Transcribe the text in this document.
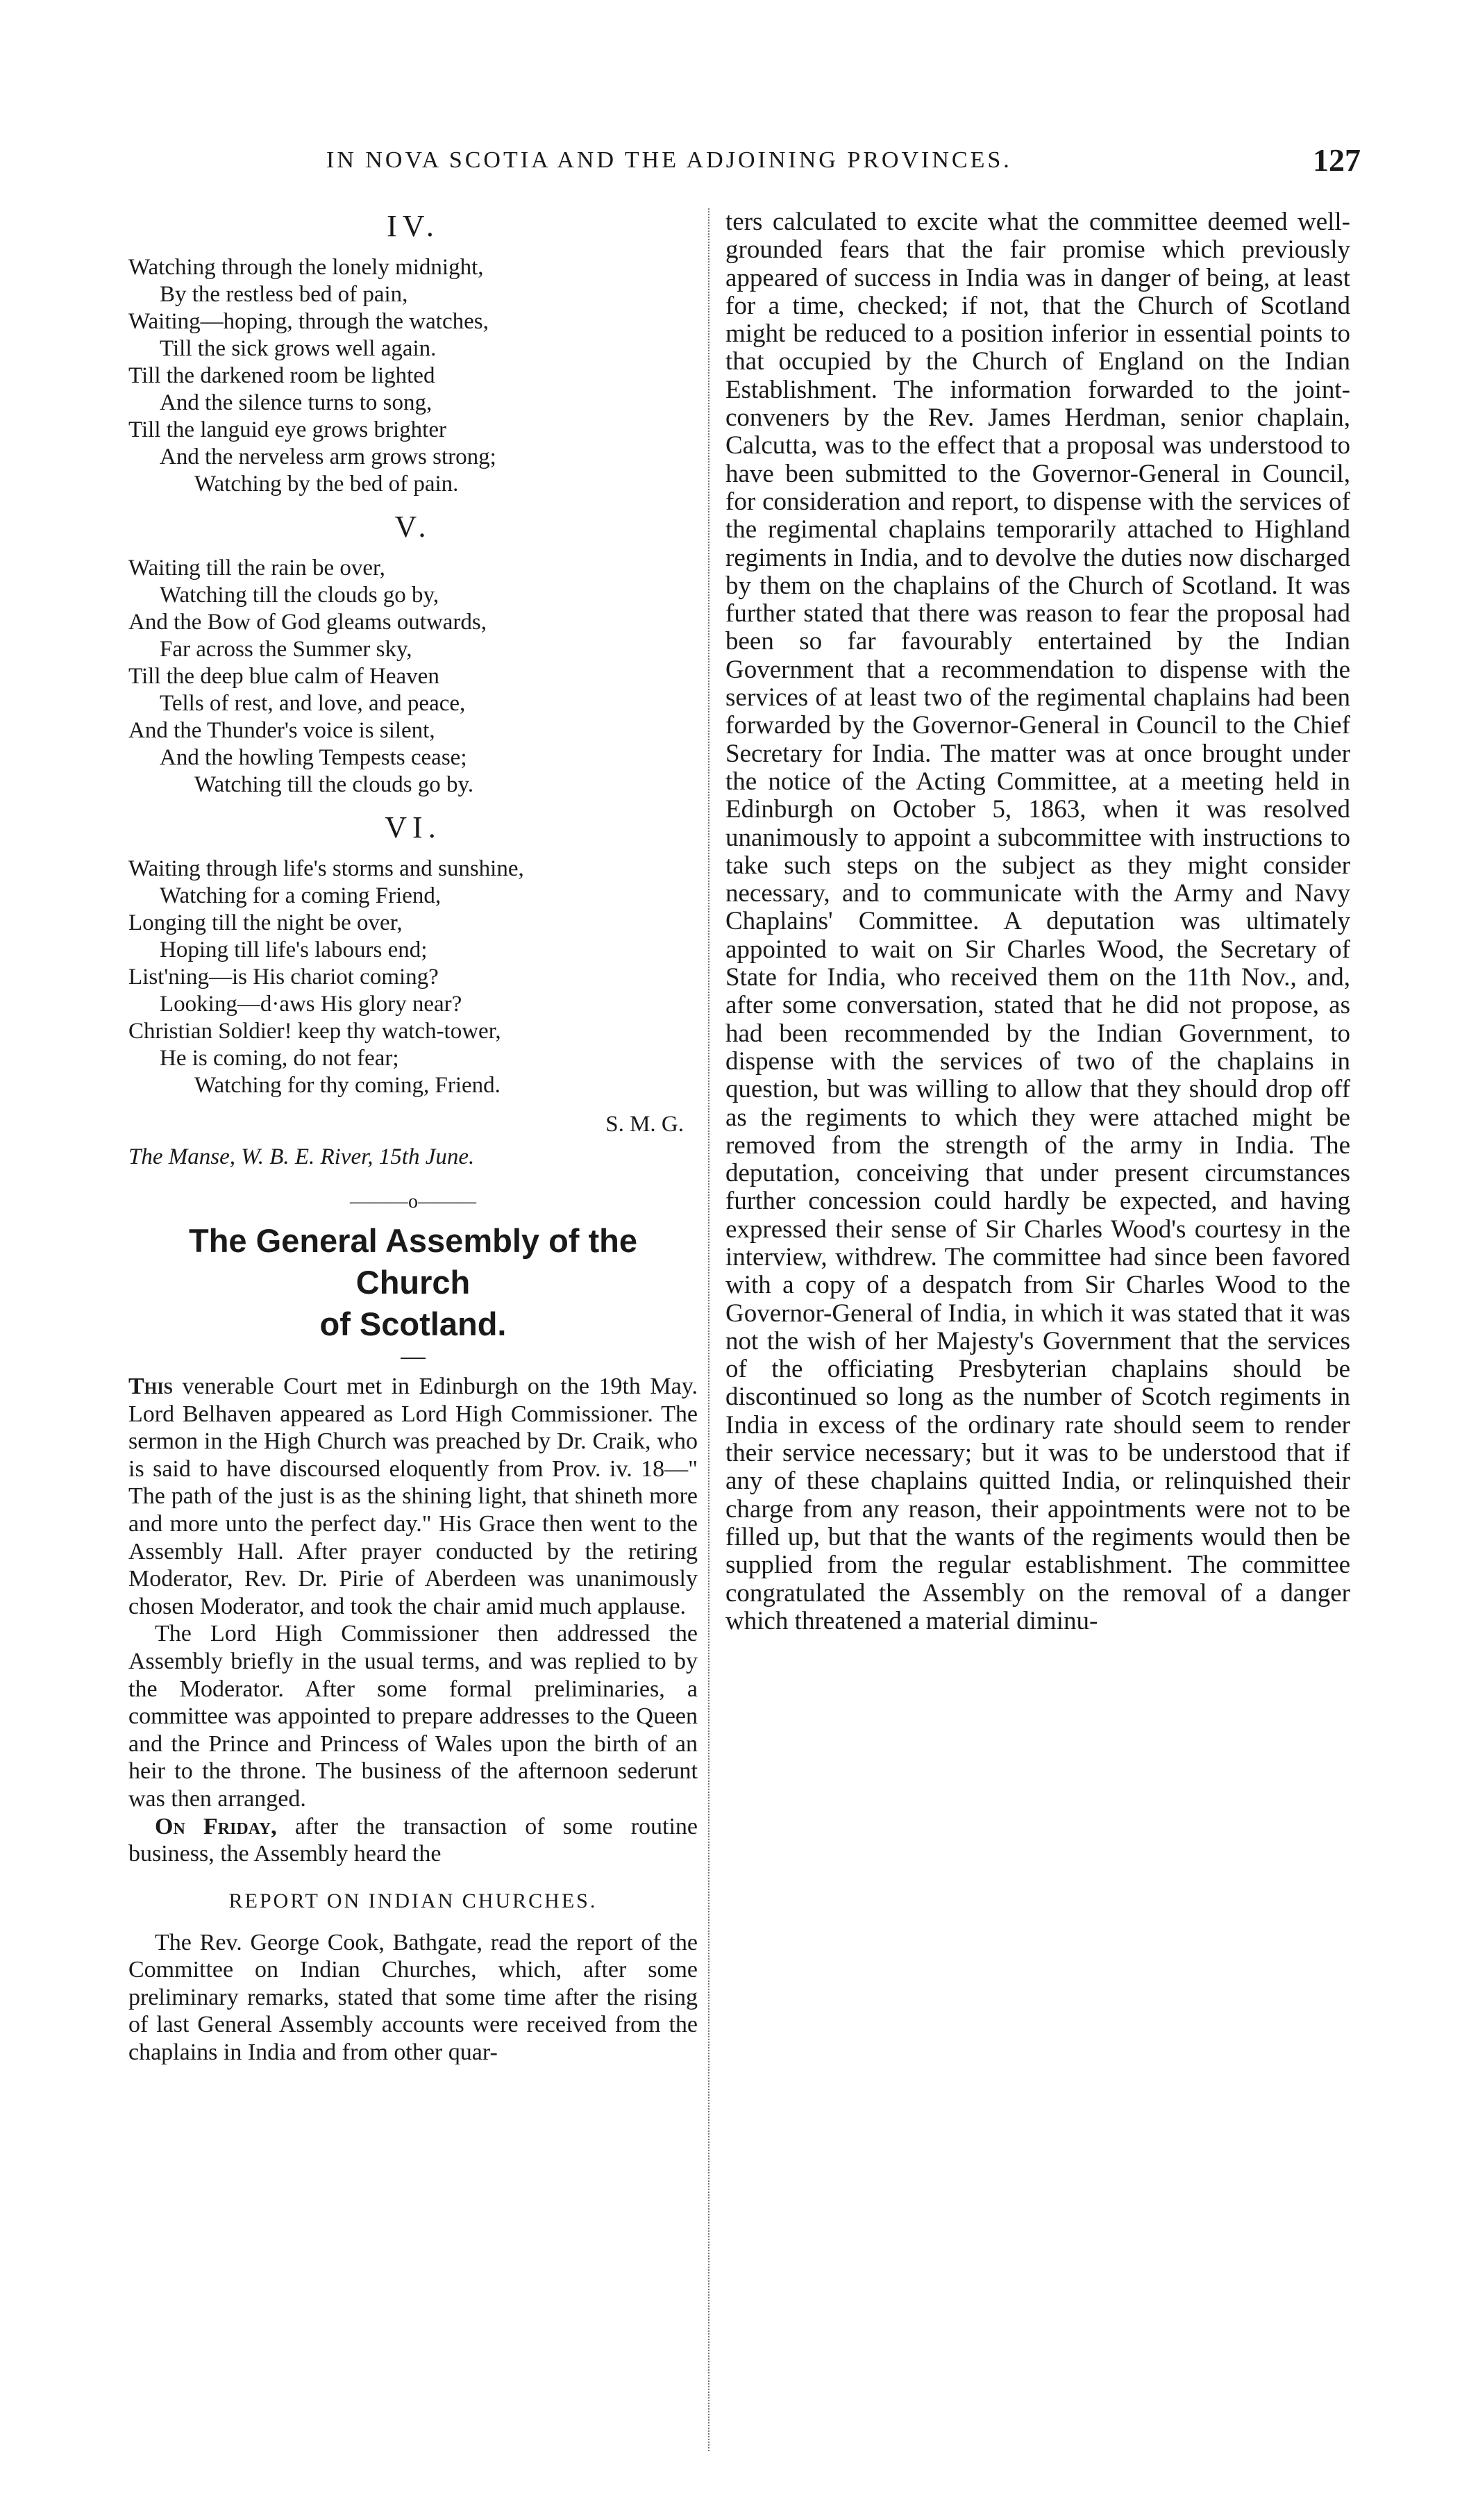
IN NOVA SCOTIA AND THE ADJOINING PROVINCES.	127
IV.
Watching through the lonely midnight,
By the restless bed of pain,
Waiting—hoping, through the watches,
Till the sick grows well again.
Till the darkened room be lighted
And the silence turns to song,
Till the languid eye grows brighter
And the nerveless arm grows strong;
Watching by the bed of pain.
V.
Waiting till the rain be over,
Watching till the clouds go by,
And the Bow of God gleams outwards,
Far across the Summer sky,
Till the deep blue calm of Heaven
Tells of rest, and love, and peace,
And the Thunder's voice is silent,
And the howling Tempests cease;
Watching till the clouds go by.
VI.
Waiting through life's storms and sunshine,
Watching for a coming Friend,
Longing till the night be over,
Hoping till life's labours end;
List'ning—is His chariot coming?
Looking—d·aws His glory near?
Christian Soldier! keep thy watch-tower,
He is coming, do not fear;
Watching for thy coming, Friend.
S. M. G.
The Manse, W. B. E. River, 15th June.
———o———
The General Assembly of the Church
of Scotland.

This venerable Court met in Edinburgh on the 19th May. Lord Belhaven appeared as Lord High Commissioner. The sermon in the High Church was preached by Dr. Craik, who is said to have discoursed eloquently from Prov. iv. 18—" The path of the just is as the shining light, that shineth more and more unto the perfect day." His Grace then went to the Assembly Hall. After prayer conducted by the retiring Moderator, Rev. Dr. Pirie of Aberdeen was unanimously chosen Moderator, and took the chair amid much applause.

The Lord High Commissioner then addressed the Assembly briefly in the usual terms, and was replied to by the Moderator. After some formal preliminaries, a committee was appointed to prepare addresses to the Queen and the Prince and Princess of Wales upon the birth of an heir to the throne. The business of the afternoon sederunt was then arranged.

On Friday, after the transaction of some routine business, the Assembly heard the

REPORT ON INDIAN CHURCHES.

The Rev. George Cook, Bathgate, read the report of the Committee on Indian Churches, which, after some preliminary remarks, stated that some time after the rising of last General Assembly accounts were received from the chaplains in India and from other quar-

ters calculated to excite what the committee deemed well-grounded fears that the fair promise which previously appeared of success in India was in danger of being, at least for a time, checked; if not, that the Church of Scotland might be reduced to a position inferior in essential points to that occupied by the Church of England on the Indian Establishment. The information forwarded to the joint-conveners by the Rev. James Herdman, senior chaplain, Calcutta, was to the effect that a proposal was understood to have been submitted to the Governor-General in Council, for consideration and report, to dispense with the services of the regimental chaplains temporarily attached to Highland regiments in India, and to devolve the duties now discharged by them on the chaplains of the Church of Scotland. It was further stated that there was reason to fear the proposal had been so far favourably entertained by the Indian Government that a recommendation to dispense with the services of at least two of the regimental chaplains had been forwarded by the Governor-General in Council to the Chief Secretary for India. The matter was at once brought under the notice of the Acting Committee, at a meeting held in Edinburgh on October 5, 1863, when it was resolved unanimously to appoint a subcommittee with instructions to take such steps on the subject as they might consider necessary, and to communicate with the Army and Navy Chaplains' Committee. A deputation was ultimately appointed to wait on Sir Charles Wood, the Secretary of State for India, who received them on the 11th Nov., and, after some conversation, stated that he did not propose, as had been recommended by the Indian Government, to dispense with the services of two of the chaplains in question, but was willing to allow that they should drop off as the regiments to which they were attached might be removed from the strength of the army in India. The deputation, conceiving that under present circumstances further concession could hardly be expected, and having expressed their sense of Sir Charles Wood's courtesy in the interview, withdrew. The committee had since been favored with a copy of a despatch from Sir Charles Wood to the Governor-General of India, in which it was stated that it was not the wish of her Majesty's Government that the services of the officiating Presbyterian chaplains should be discontinued so long as the number of Scotch regiments in India in excess of the ordinary rate should seem to render their service necessary; but it was to be understood that if any of these chaplains quitted India, or relinquished their charge from any reason, their appointments were not to be filled up, but that the wants of the regiments would then be supplied from the regular establishment. The committee congratulated the Assembly on the removal of a danger which threatened a material diminu-
